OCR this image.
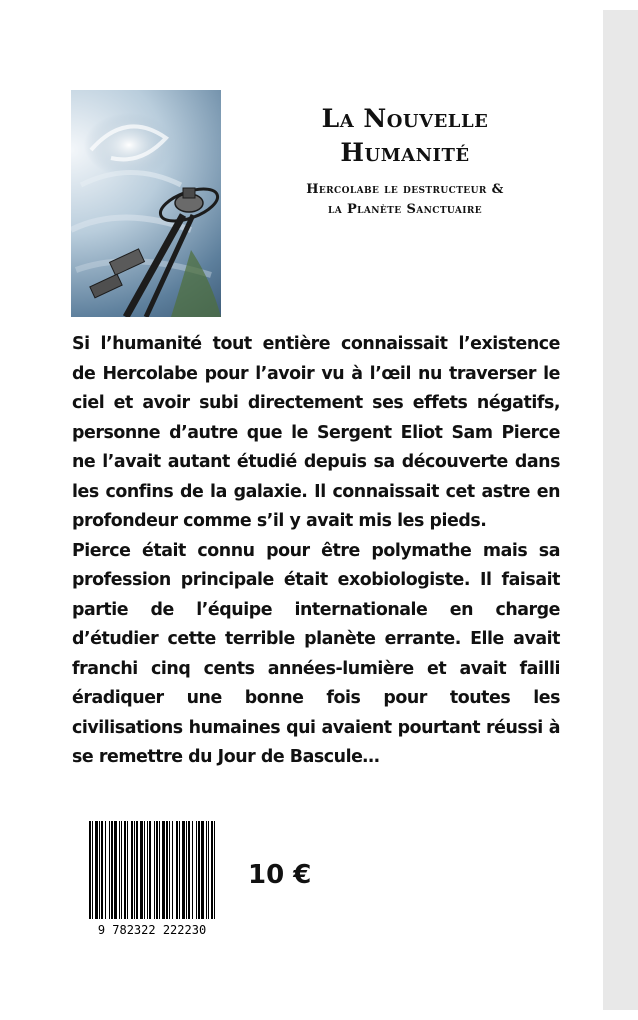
La Nouvelle
Humanité
Hercolabe le destructeur &
la Planète Sanctuaire

Si l’humanité tout entière connaissait l’existence de Hercolabe pour l’avoir vu à l’œil nu traverser le ciel et avoir subi directement ses effets négatifs, personne d’autre que le Sergent Eliot Sam Pierce ne l’avait autant étudié depuis sa découverte dans les confins de la galaxie. Il connaissait cet astre en profondeur comme s’il y avait mis les pieds.

Pierce était connu pour être polymathe mais sa profession principale était exobiologiste. Il faisait partie de l’équipe internationale en charge d’étudier cette terrible planète errante. Elle avait franchi cinq cents années-lumière et avait failli éradiquer une bonne fois pour toutes les civilisations humaines qui avaient pourtant réussi à se remettre du Jour de Bascule…

9 782322 222230
10 €
